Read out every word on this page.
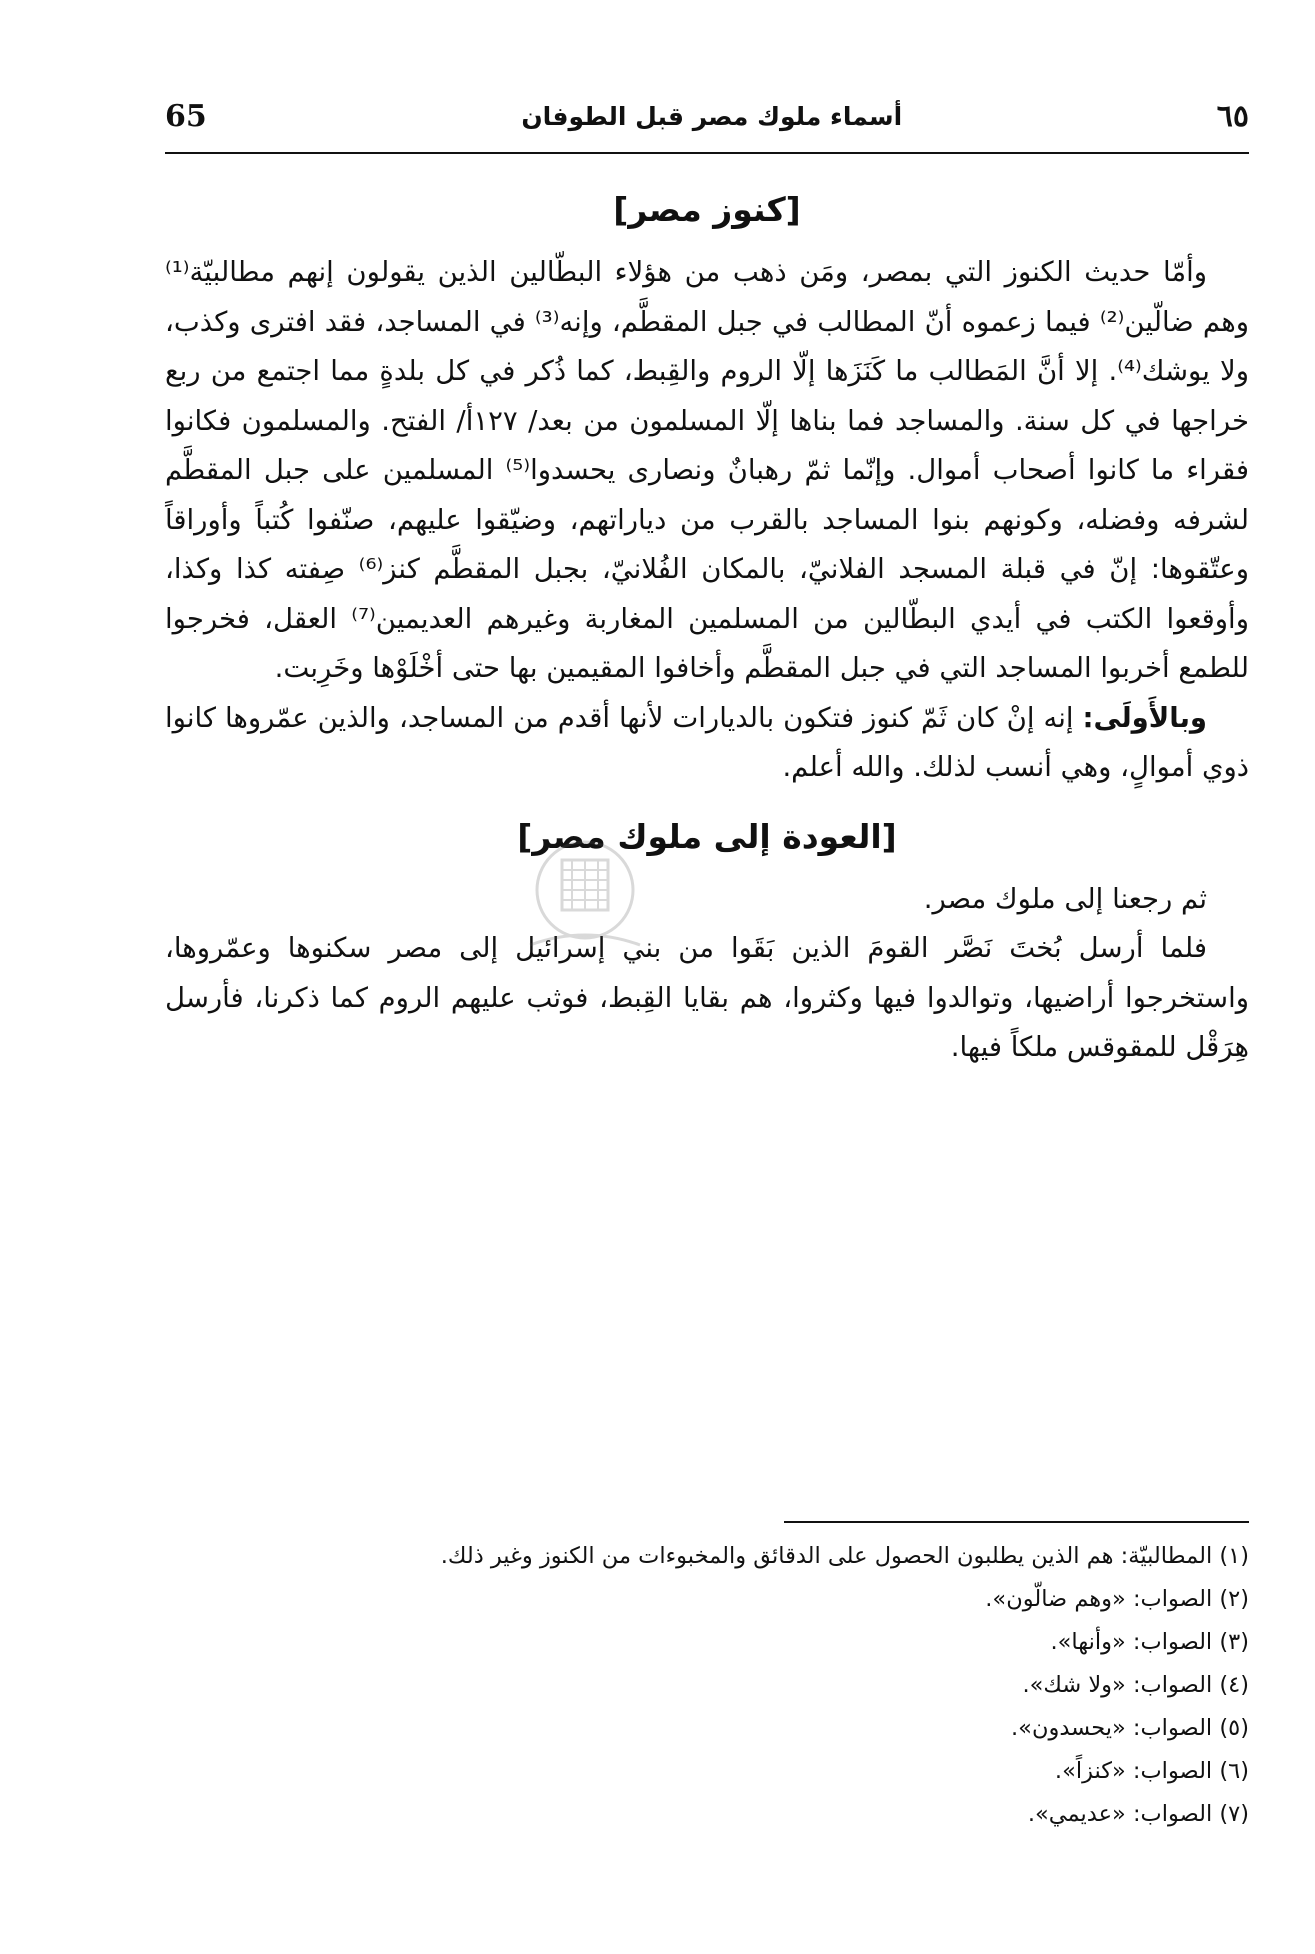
65	أسماء ملوك مصر قبل الطوفان	٦٥
[كنوز مصر]

وأمّا حديث الكنوز التي بمصر، ومَن ذهب من هؤلاء البطّالين الذين يقولون إنهم مطالبيّة⁽¹⁾ وهم ضالّين⁽²⁾ فيما زعموه أنّ المطالب في جبل المقطَّم، وإنه⁽³⁾ في المساجد، فقد افترى وكذب، ولا يوشك⁽⁴⁾. إلا أنَّ المَطالب ما كَنَزَها إلّا الروم والقِبط، كما ذُكر في كل بلدةٍ مما اجتمع من ربع خراجها في كل سنة. والمساجد فما بناها إلّا المسلمون من بعد/ ١٢٧أ/ الفتح. والمسلمون فكانوا فقراء ما كانوا أصحاب أموال. وإنّما ثمّ رهبانٌ ونصارى يحسدوا⁽⁵⁾ المسلمين على جبل المقطَّم لشرفه وفضله، وكونهم بنوا المساجد بالقرب من دياراتهم، وضيّقوا عليهم، صنّفوا كُتباً وأوراقاً وعتّقوها: إنّ في قبلة المسجد الفلانيّ، بالمكان الفُلانيّ، بجبل المقطَّم كنز⁽⁶⁾ صِفته كذا وكذا، وأوقعوا الكتب في أيدي البطّالين من المسلمين المغاربة وغيرهم العديمين⁽⁷⁾ العقل، فخرجوا للطمع أخربوا المساجد التي في جبل المقطَّم وأخافوا المقيمين بها حتى أخْلَوْها وخَرِبت.

وبالأَولَى: إنه إنْ كان ثَمّ كنوز فتكون بالديارات لأنها أقدم من المساجد، والذين عمّروها كانوا ذوي أموالٍ، وهي أنسب لذلك. والله أعلم.

[العودة إلى ملوك مصر]

ثم رجعنا إلى ملوك مصر.

فلما أرسل بُختَ نَصَّر القومَ الذين بَقَوا من بني إسرائيل إلى مصر سكنوها وعمّروها، واستخرجوا أراضيها، وتوالدوا فيها وكثروا، هم بقايا القِبط، فوثب عليهم الروم كما ذكرنا، فأرسل هِرَقْل للمقوقس ملكاً فيها.

(١) المطالبيّة: هم الذين يطلبون الحصول على الدقائق والمخبوءات من الكنوز وغير ذلك.
(٢) الصواب: «وهم ضالّون».
(٣) الصواب: «وأنها».
(٤) الصواب: «ولا شك».
(٥) الصواب: «يحسدون».
(٦) الصواب: «كنزاً».
(٧) الصواب: «عديمي».
